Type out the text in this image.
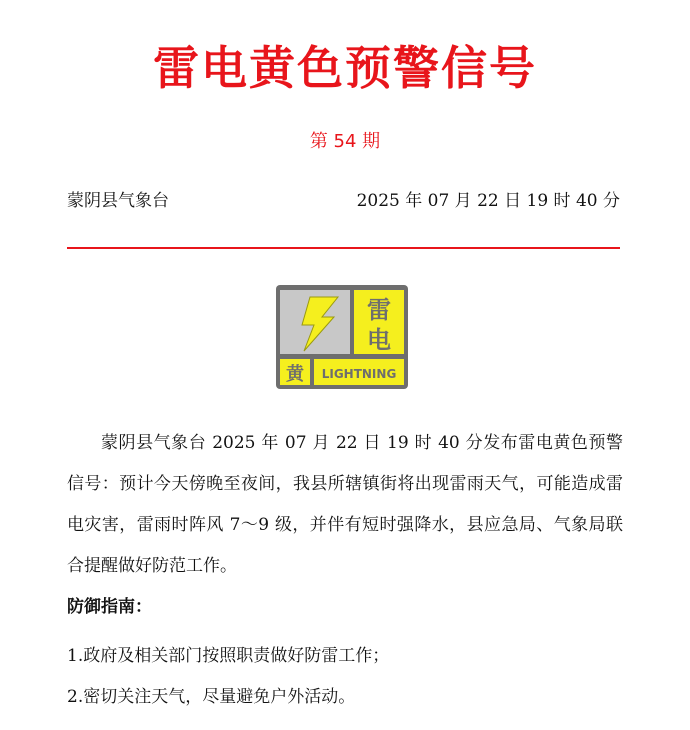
雷电黄色预警信号
第 54 期
蒙阴县气象台	2025 年 07 月 22 日 19 时 40 分
雷
电
黄 LIGHTNING

蒙阴县气象台 2025 年 07 月 22 日 19 时 40 分发布雷电黄色预警信号：预计今天傍晚至夜间，我县所辖镇街将出现雷雨天气，可能造成雷电灾害，雷雨时阵风 7～9 级，并伴有短时强降水，县应急局、气象局联合提醒做好防范工作。

防御指南：
1.政府及相关部门按照职责做好防雷工作；
2.密切关注天气，尽量避免户外活动。
